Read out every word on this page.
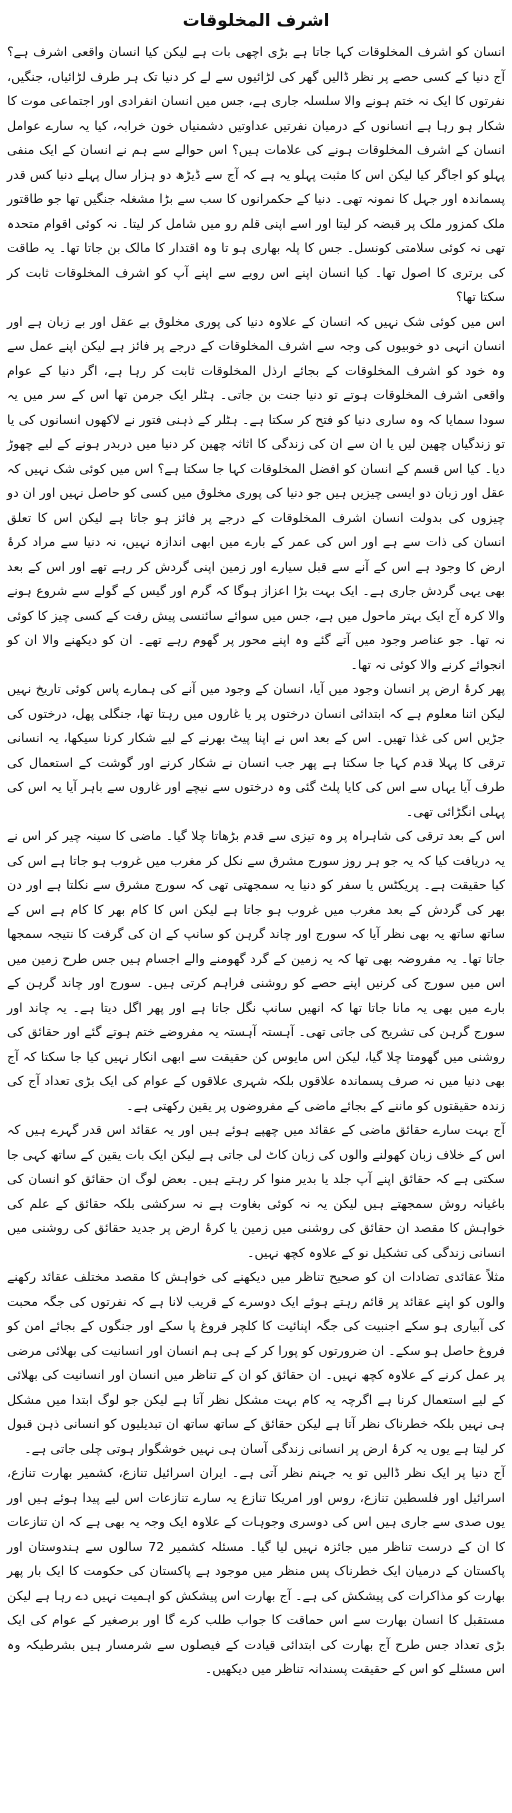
اشرف المخلوقات

انسان کو اشرف المخلوقات کہا جاتا ہے بڑی اچھی بات ہے لیکن کیا انسان واقعی اشرف ہے؟ آج دنیا کے کسی حصے پر نظر ڈالیں گھر کی لڑائیوں سے لے کر دنیا تک ہر طرف لڑائیاں، جنگیں، نفرتوں کا ایک نہ ختم ہونے والا سلسلہ جاری ہے، جس میں انسان انفرادی اور اجتماعی موت کا شکار ہو رہا ہے انسانوں کے درمیان نفرتیں عداوتیں دشمنیاں خون خرابہ، کیا یہ سارے عوامل انسان کے اشرف المخلوقات ہونے کی علامات ہیں؟ اس حوالے سے ہم نے انسان کے ایک منفی پہلو کو اجاگر کیا لیکن اس کا مثبت پہلو یہ ہے کہ آج سے ڈیڑھ دو ہزار سال پہلے دنیا کس قدر پسماندہ اور جہل کا نمونہ تھی۔ دنیا کے حکمرانوں کا سب سے بڑا مشغلہ جنگیں تھا جو طاقتور ملک کمزور ملک پر قبضہ کر لیتا اور اسے اپنی قلم رو میں شامل کر لیتا۔ نہ کوئی اقوام متحدہ تھی نہ کوئی سلامتی کونسل۔ جس کا پلہ بھاری ہو تا وہ اقتدار کا مالک بن جاتا تھا۔ یہ طاقت کی برتری کا اصول تھا۔ کیا انسان اپنے اس رویے سے اپنے آپ کو اشرف المخلوقات ثابت کر سکتا تھا؟

اس میں کوئی شک نہیں کہ انسان کے علاوہ دنیا کی پوری مخلوق بے عقل اور بے زبان ہے اور انسان انہی دو خوبیوں کی وجہ سے اشرف المخلوقات کے درجے پر فائز ہے لیکن اپنے عمل سے وہ خود کو اشرف المخلوقات کے بجائے ارذل المخلوقات ثابت کر رہا ہے، اگر دنیا کے عوام واقعی اشرف المخلوقات ہوتے تو دنیا جنت بن جاتی۔ ہٹلر ایک جرمن تھا اس کے سر میں یہ سودا سمایا کہ وہ ساری دنیا کو فتح کر سکتا ہے۔ ہٹلر کے ذہنی فتور نے لاکھوں انسانوں کی یا تو زندگیاں چھین لیں یا ان سے ان کی زندگی کا اثاثہ چھین کر دنیا میں دربدر ہونے کے لیے چھوڑ دیا۔ کیا اس قسم کے انسان کو افضل المخلوقات کہا جا سکتا ہے؟ اس میں کوئی شک نہیں کہ عقل اور زبان دو ایسی چیزیں ہیں جو دنیا کی پوری مخلوق میں کسی کو حاصل نہیں اور ان دو چیزوں کی بدولت انسان اشرف المخلوقات کے درجے پر فائز ہو جاتا ہے لیکن اس کا تعلق انسان کی ذات سے ہے اور اس کی عمر کے بارے میں ابھی اندازہ نہیں، نہ دنیا سے مراد کرۂ ارض کا وجود ہے اس کے آنے سے قبل سیارے اور زمین اپنی گردش کر رہے تھے اور اس کے بعد بھی یہی گردش جاری ہے۔ ایک بہت بڑا اعزاز ہوگا کہ گرم اور گیس کے گولے سے شروع ہونے والا کرہ آج ایک بہتر ماحول میں ہے، جس میں سوائے سائنسی پیش رفت کے کسی چیز کا کوئی نہ تھا۔ جو عناصر وجود میں آتے گئے وہ اپنے محور پر گھوم رہے تھے۔ ان کو دیکھنے والا ان کو انجوائے کرنے والا کوئی نہ تھا۔

پھر کرۂ ارض پر انسان وجود میں آیا، انسان کے وجود میں آنے کی ہمارے پاس کوئی تاریخ نہیں لیکن اتنا معلوم ہے کہ ابتدائی انسان درختوں پر یا غاروں میں رہتا تھا، جنگلی پھل، درختوں کی جڑیں اس کی غذا تھیں۔ اس کے بعد اس نے اپنا پیٹ بھرنے کے لیے شکار کرنا سیکھا، یہ انسانی ترقی کا پہلا قدم کہا جا سکتا ہے پھر جب انسان نے شکار کرنے اور گوشت کے استعمال کی طرف آیا یہاں سے اس کی کایا پلٹ گئی وہ درختوں سے نیچے اور غاروں سے باہر آیا یہ اس کی پہلی انگڑائی تھی۔

اس کے بعد ترقی کی شاہراہ پر وہ تیزی سے قدم بڑھاتا چلا گیا۔ ماضی کا سینہ چیر کر اس نے یہ دریافت کیا کہ یہ جو ہر روز سورج مشرق سے نکل کر مغرب میں غروب ہو جاتا ہے اس کی کیا حقیقت ہے۔ پریکٹس یا سفر کو دنیا یہ سمجھتی تھی کہ سورج مشرق سے نکلتا ہے اور دن بھر کی گردش کے بعد مغرب میں غروب ہو جاتا ہے لیکن اس کا کام بھر کا کام ہے اس کے ساتھ ساتھ یہ بھی نظر آیا کہ سورج اور چاند گرہن کو سانپ کے ان کی گرفت کا نتیجہ سمجھا جاتا تھا۔ یہ مفروضہ بھی تھا کہ یہ زمین کے گرد گھومنے والے اجسام ہیں جس طرح زمین میں اس میں سورج کی کرنیں اپنے حصے کو روشنی فراہم کرتی ہیں۔ سورج اور چاند گرہن کے بارے میں بھی یہ مانا جاتا تھا کہ انھیں سانپ نگل جاتا ہے اور پھر اگل دیتا ہے۔ یہ چاند اور سورج گرہن کی تشریح کی جاتی تھی۔ آہستہ آہستہ یہ مفروضے ختم ہوتے گئے اور حقائق کی روشنی میں گھومتا چلا گیا، لیکن اس مایوس کن حقیقت سے ابھی انکار نہیں کیا جا سکتا کہ آج بھی دنیا میں نہ صرف پسماندہ علاقوں بلکہ شہری علاقوں کے عوام کی ایک بڑی تعداد آج کی زندہ حقیقتوں کو ماننے کے بجائے ماضی کے مفروضوں پر یقین رکھتی ہے۔

آج بہت سارے حقائق ماضی کے عقائد میں چھپے ہوئے ہیں اور یہ عقائد اس قدر گہرے ہیں کہ اس کے خلاف زبان کھولنے والوں کی زبان کاٹ لی جاتی ہے لیکن ایک بات یقین کے ساتھ کہی جا سکتی ہے کہ حقائق اپنے آپ جلد یا بدیر منوا کر رہتے ہیں۔ بعض لوگ ان حقائق کو انسان کی باغیانہ روش سمجھتے ہیں لیکن یہ نہ کوئی بغاوت ہے نہ سرکشی بلکہ حقائق کے علم کی خواہش کا مقصد ان حقائق کی روشنی میں زمین یا کرۂ ارض پر جدید حقائق کی روشنی میں انسانی زندگی کی تشکیل نو کے علاوہ کچھ نہیں۔

مثلاً عقائدی تضادات ان کو صحیح تناظر میں دیکھنے کی خواہش کا مقصد مختلف عقائد رکھنے والوں کو اپنے عقائد پر قائم رہتے ہوئے ایک دوسرے کے قریب لانا ہے کہ نفرتوں کی جگہ محبت کی آبیاری ہو سکے اجنبیت کی جگہ اپنائیت کا کلچر فروغ پا سکے اور جنگوں کے بجائے امن کو فروغ حاصل ہو سکے۔ ان ضرورتوں کو پورا کر کے ہی ہم انسان اور انسانیت کی بھلائی مرضی پر عمل کرنے کے علاوہ کچھ نہیں۔ ان حقائق کو ان کے تناظر میں انسان اور انسانیت کی بھلائی کے لیے استعمال کرنا ہے اگرچہ یہ کام بہت مشکل نظر آتا ہے لیکن جو لوگ ابتدا میں مشکل ہی نہیں بلکہ خطرناک نظر آتا ہے لیکن حقائق کے ساتھ ساتھ ان تبدیلیوں کو انسانی ذہن قبول کر لیتا ہے یوں یہ کرۂ ارض پر انسانی زندگی آسان ہی نہیں خوشگوار ہوتی چلی جاتی ہے۔

آج دنیا پر ایک نظر ڈالیں تو یہ جہنم نظر آتی ہے۔ ایران اسرائیل تنازع، کشمیر بھارت تنازع، اسرائیل اور فلسطین تنازع، روس اور امریکا تنازع یہ سارے تنازعات اس لیے پیدا ہوئے ہیں اور یوں صدی سے جاری ہیں اس کی دوسری وجوہات کے علاوہ ایک وجہ یہ بھی ہے کہ ان تنازعات کا ان کے درست تناظر میں جائزہ نہیں لیا گیا۔ مسئلہ کشمیر 72 سالوں سے ہندوستان اور پاکستان کے درمیان ایک خطرناک پس منظر میں موجود ہے پاکستان کی حکومت کا ایک بار پھر بھارت کو مذاکرات کی پیشکش کی ہے۔ آج بھارت اس پیشکش کو اہمیت نہیں دے رہا ہے لیکن مستقبل کا انسان بھارت سے اس حماقت کا جواب طلب کرے گا اور برصغیر کے عوام کی ایک بڑی تعداد جس طرح آج بھارت کی ابتدائی قیادت کے فیصلوں سے شرمسار ہیں بشرطیکہ وہ اس مسئلے کو اس کے حقیقت پسندانہ تناظر میں دیکھیں۔
